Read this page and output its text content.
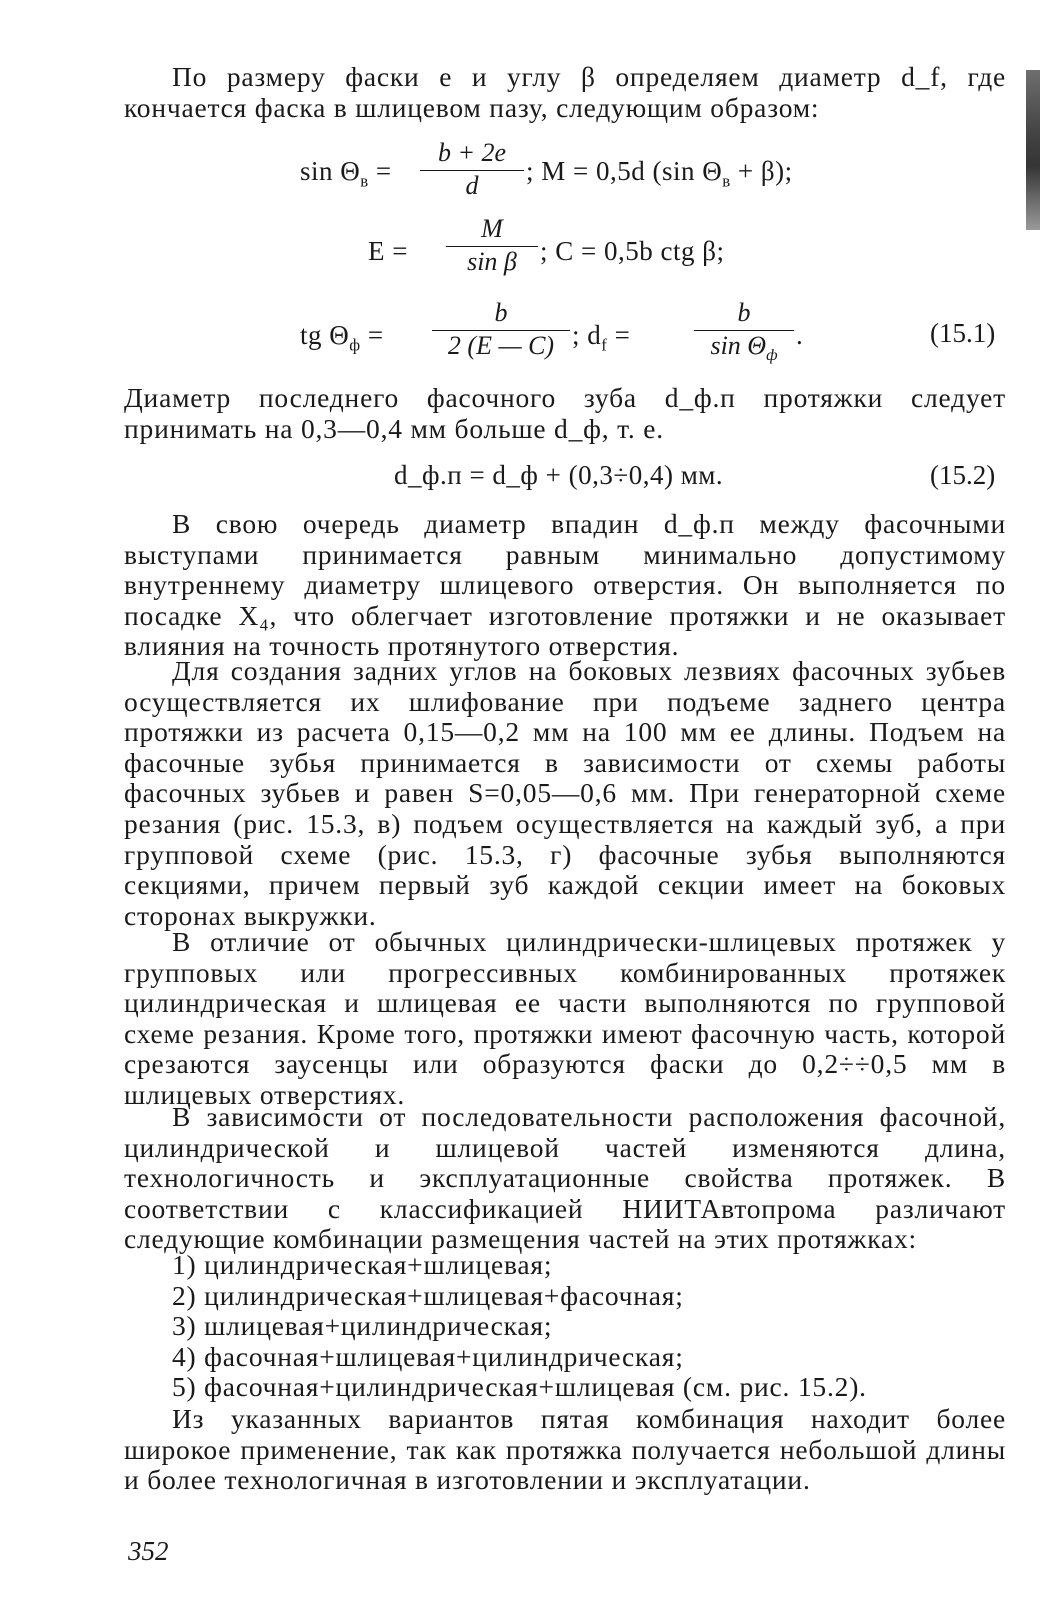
По размеру фаски e и углу β определяем диаметр d_f, где кончается фаска в шлицевом пазу, следующим образом:

$\sin \Theta_в = \frac{b + 2e}{d}$ ; M = 0,5d (sin $\Theta_в + \beta$);
$E = \frac{M}{\text{sin β}}$ ; C = 0,5b ctg β;
tg $\Theta_ф = \frac{b}{2 (E — C)}$ ; $d_f$ =
b
$\sin \Theta_ф$
.	(15.1)

Диаметр последнего фасочного зуба d_ф.п протяжки следует принимать на 0,3—0,4 мм больше d_ф, т. е.

d_ф.п = d_ф + (0,3÷0,4) мм.	(15.2)

В свою очередь диаметр впадин d_ф.п между фасочными выступами принимается равным минимально допустимому внутреннему диаметру шлицевого отверстия. Он выполняется по посадке X₄, что облегчает изготовление протяжки и не оказывает влияния на точность протянутого отверстия.

Для создания задних углов на боковых лезвиях фасочных зубьев осуществляется их шлифование при подъеме заднего центра протяжки из расчета 0,15—0,2 мм на 100 мм ее длины. Подъем на фасочные зубья принимается в зависимости от схемы работы фасочных зубьев и равен S=0,05—0,6 мм. При генераторной схеме резания (рис. 15.3, в) подъем осуществляется на каждый зуб, а при групповой схеме (рис. 15.3, г) фасочные зубья выполняются секциями, причем первый зуб каждой секции имеет на боковых сторонах выкружки.

В отличие от обычных цилиндрически-шлицевых протяжек у групповых или прогрессивных комбинированных протяжек цилиндрическая и шлицевая ее части выполняются по групповой схеме резания. Кроме того, протяжки имеют фасочную часть, которой срезаются заусенцы или образуются фаски до 0,2÷÷0,5 мм в шлицевых отверстиях.

В зависимости от последовательности расположения фасочной, цилиндрической и шлицевой частей изменяются длина, технологичность и эксплуатационные свойства протяжек. В соответствии с классификацией НИИТАвтопрома различают следующие комбинации размещения частей на этих протяжках:

1) цилиндрическая+шлицевая;
2) цилиндрическая+шлицевая+фасочная;
3) шлицевая+цилиндрическая;
4) фасочная+шлицевая+цилиндрическая;
5) фасочная+цилиндрическая+шлицевая (см. рис. 15.2).

Из указанных вариантов пятая комбинация находит более широкое применение, так как протяжка получается небольшой длины и более технологичная в изготовлении и эксплуатации.

352
